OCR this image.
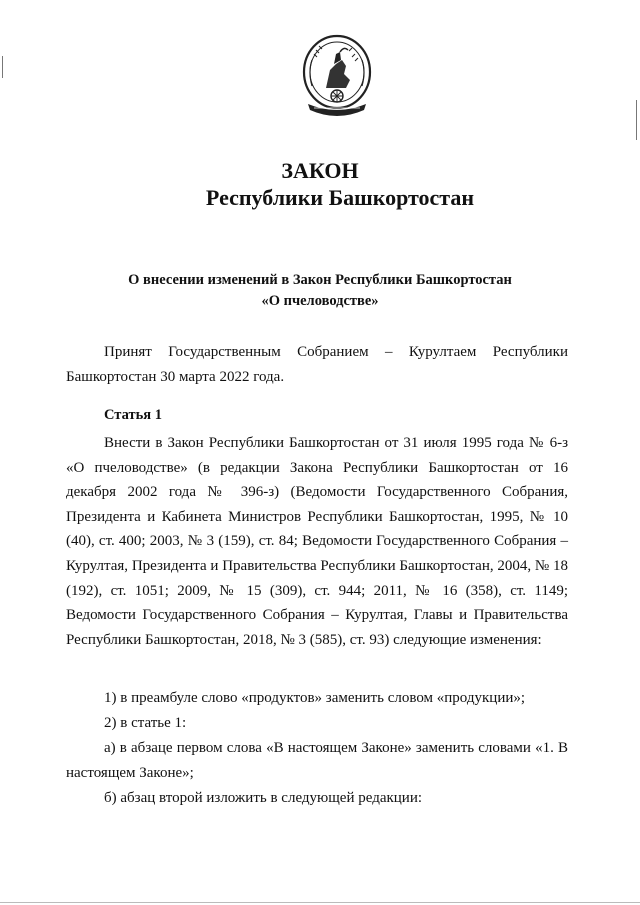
ЗАКОН
Республики Башкортостан
О внесении изменений в Закон Республики Башкортостан
«О пчеловодстве»

Принят Государственным Собранием – Курултаем Республики Башкортостан 30 марта 2022 года.

Статья 1

Внести в Закон Республики Башкортостан от 31 июля 1995 года № 6-з «О пчеловодстве» (в редакции Закона Республики Башкортостан от 16 декабря 2002 года № 396-з) (Ведомости Государственного Собрания, Президента и Кабинета Министров Республики Башкортостан, 1995, № 10 (40), ст. 400; 2003, № 3 (159), ст. 84; Ведомости Государственного Собрания – Курултая, Президента и Правительства Республики Башкортостан, 2004, № 18 (192), ст. 1051; 2009, № 15 (309), ст. 944; 2011, № 16 (358), ст. 1149; Ведомости Государственного Собрания – Курултая, Главы и Правительства Республики Башкортостан, 2018, № 3 (585), ст. 93) следующие изменения:

1) в преамбуле слово «продуктов» заменить словом «продукции»;

2) в статье 1:

а) в абзаце первом слова «В настоящем Законе» заменить словами «1. В настоящем Законе»;

б) абзац второй изложить в следующей редакции:
